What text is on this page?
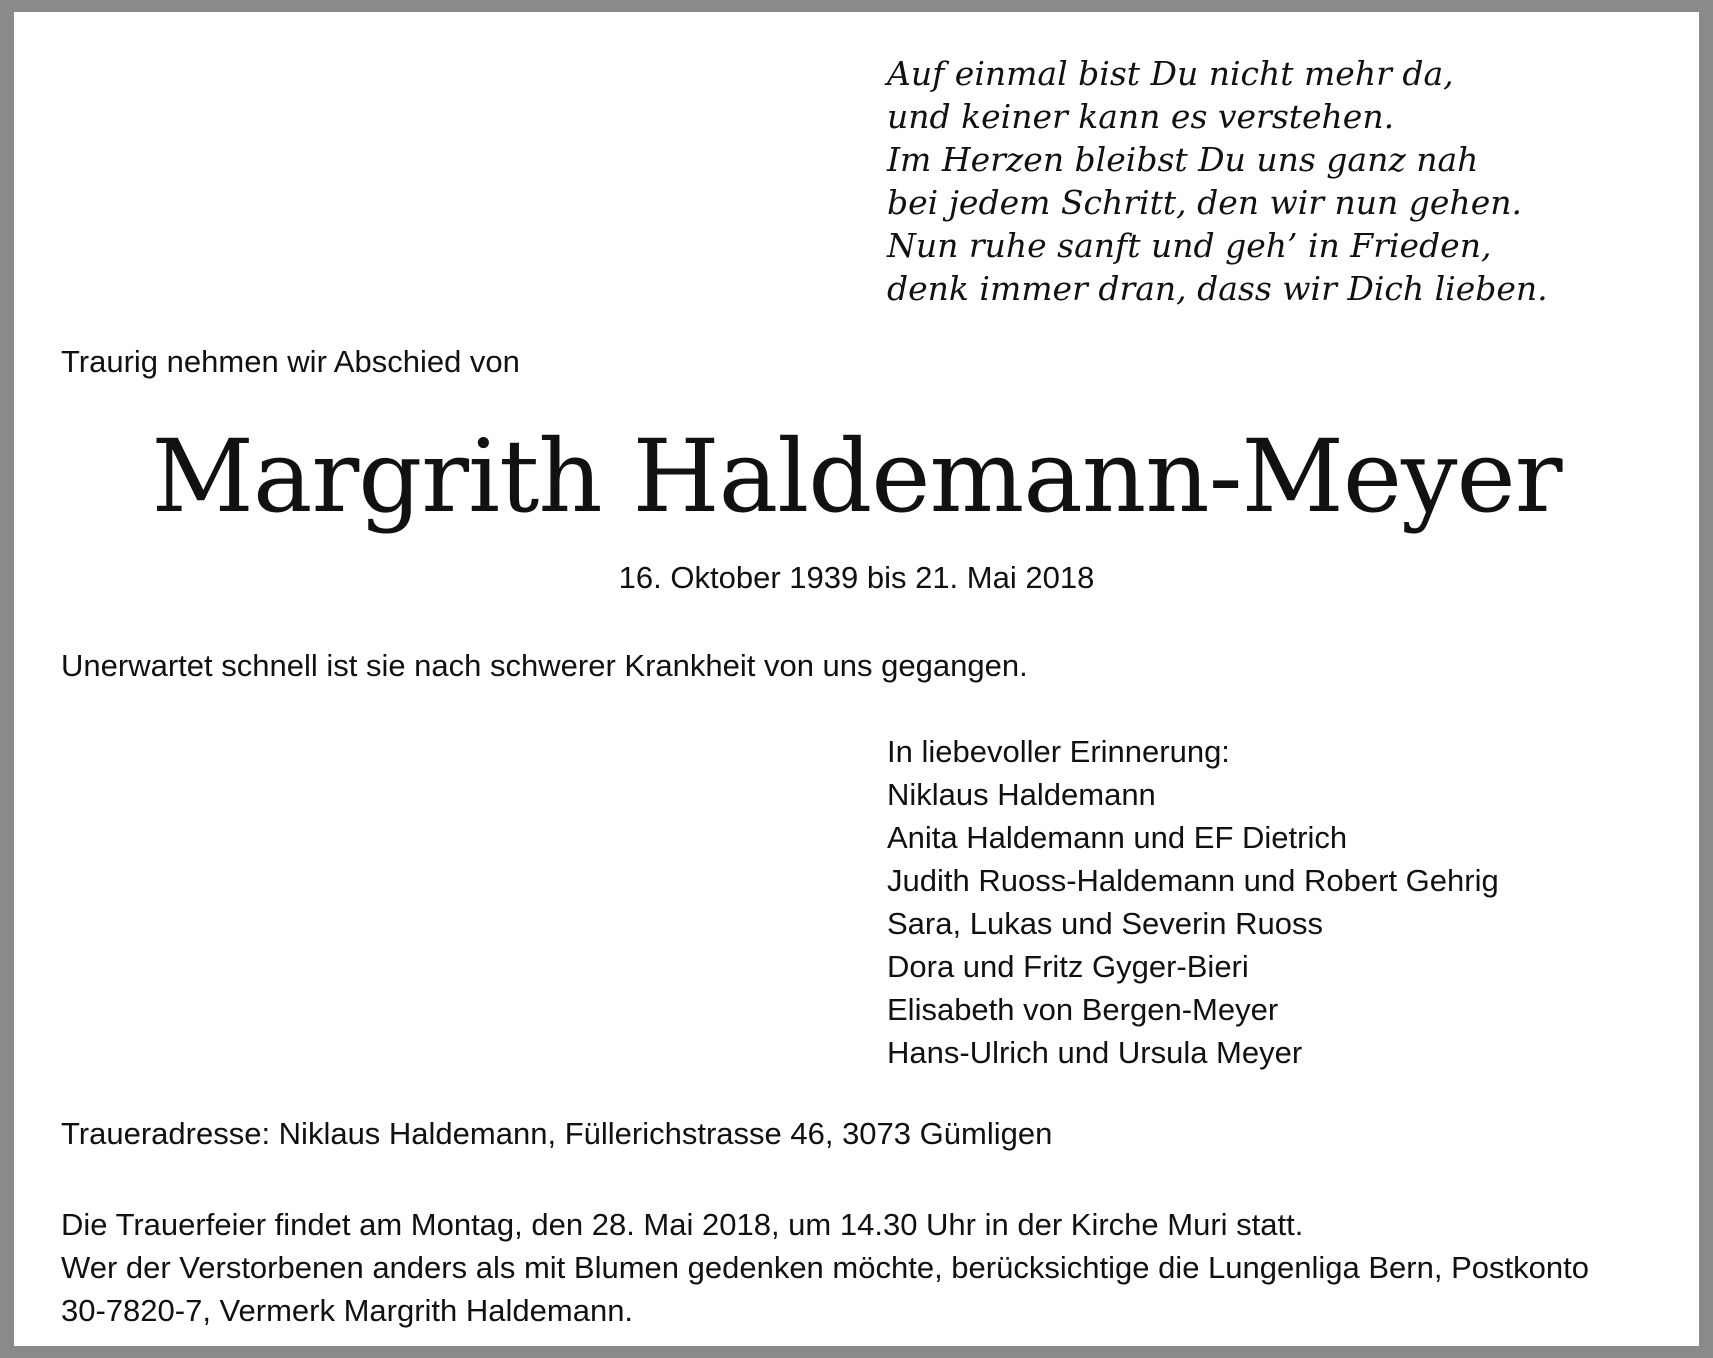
Auf einmal bist Du nicht mehr da,
und keiner kann es verstehen.
Im Herzen bleibst Du uns ganz nah
bei jedem Schritt, den wir nun gehen.
Nun ruhe sanft und geh’ in Frieden,
denk immer dran, dass wir Dich lieben.
Traurig nehmen wir Abschied von
Margrith Haldemann-Meyer
16. Oktober 1939 bis 21. Mai 2018
Unerwartet schnell ist sie nach schwerer Krankheit von uns gegangen.
In liebevoller Erinnerung:
Niklaus Haldemann
Anita Haldemann und EF Dietrich
Judith Ruoss-Haldemann und Robert Gehrig
Sara, Lukas und Severin Ruoss
Dora und Fritz Gyger-Bieri
Elisabeth von Bergen-Meyer
Hans-Ulrich und Ursula Meyer
Traueradresse: Niklaus Haldemann, Füllerichstrasse 46, 3073 Gümligen
Die Trauerfeier findet am Montag, den 28. Mai 2018, um 14.30 Uhr in der Kirche Muri statt.
Wer der Verstorbenen anders als mit Blumen gedenken möchte, berücksichtige die Lungenliga Bern, Postkonto
30-7820-7, Vermerk Margrith Haldemann.
